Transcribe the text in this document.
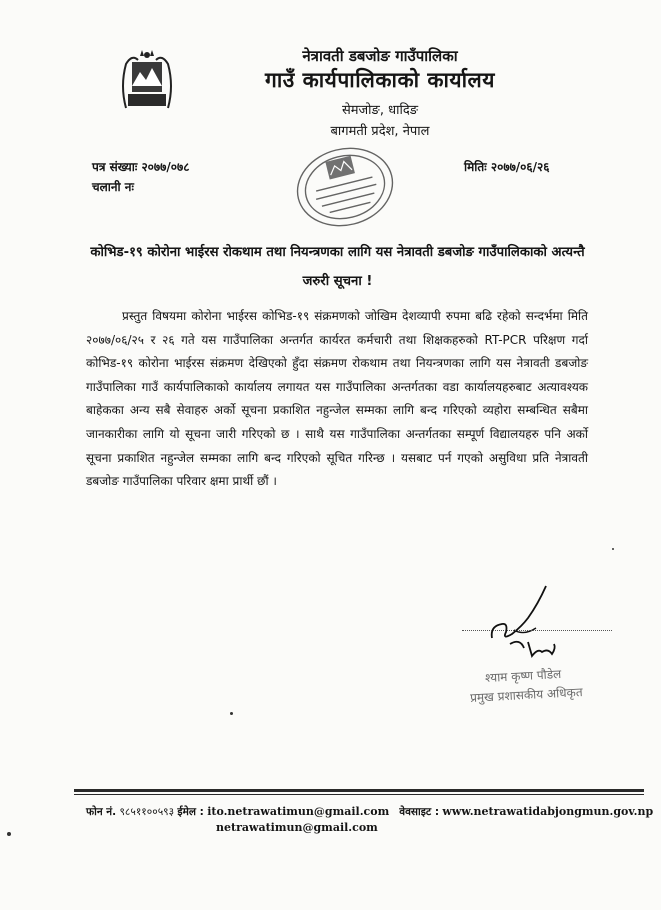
नेत्रावती डबजोङ गाउँपालिका
गाउँ कार्यपालिकाको कार्यालय
सेमजोङ, धादिङ
बागमती प्रदेश, नेपाल
पत्र संख्याः २०७७/०७८
चलानी नः
मितिः २०७७/०६/२६
कोभिड-१९ कोरोना भाईरस रोकथाम तथा नियन्त्रणका लागि यस नेत्रावती डबजोङ गाउँपालिकाको अत्यन्तै जरुरी सूचना !
प्रस्तुत विषयमा कोरोना भाईरस कोभिड-१९ संक्रमणको जोखिम देशव्यापी रुपमा बढि रहेको सन्दर्भमा मिति २०७७/०६/२५ र २६ गते यस गाउँपालिका अन्तर्गत कार्यरत कर्मचारी तथा शिक्षकहरुको RT-PCR परिक्षण गर्दा कोभिड-१९ कोरोना भाईरस संक्रमण देखिएको हुँदा संक्रमण रोकथाम तथा नियन्त्रणका लागि यस नेत्रावती डबजोङ गाउँपालिका गाउँ कार्यपालिकाको कार्यालय लगायत यस गाउँपालिका अन्तर्गतका वडा कार्यालयहरुबाट अत्यावश्यक बाहेकका अन्य सबै सेवाहरु अर्को सूचना प्रकाशित नहुन्जेल सम्मका लागि बन्द गरिएको व्यहोरा सम्बन्धित सबैमा जानकारीका लागि यो सूचना जारी गरिएको छ । साथै यस गाउँपालिका अन्तर्गतका सम्पूर्ण विद्यालयहरु पनि अर्को सूचना प्रकाशित नहुन्जेल सम्मका लागि बन्द गरिएको सूचित गरिन्छ । यसबाट पर्न गएको असुविधा प्रति नेत्रावती डबजोङ गाउँपालिका परिवार क्षमा प्रार्थी छौं ।
श्याम कृष्ण पौडेल
प्रमुख प्रशासकीय अधिकृत
फोन नं. ९८५११००५९३ ईमेल : ito.netrawatimun@gmail.com वेवसाइट : www.netrawatidabjongmun.gov.np
netrawatimun@gmail.com
